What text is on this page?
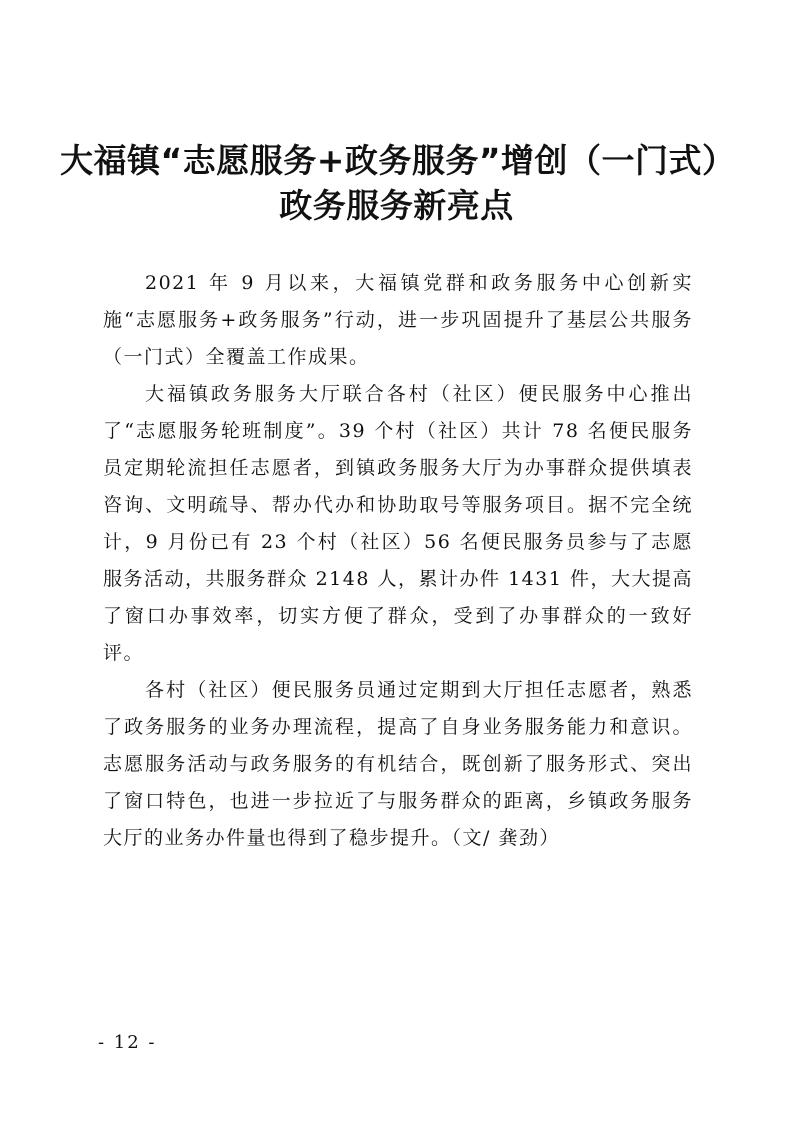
大福镇“志愿服务+政务服务”增创（一门式）
政务服务新亮点

2021 年 9 月以来，大福镇党群和政务服务中心创新实施“志愿服务+政务服务”行动，进一步巩固提升了基层公共服务（一门式）全覆盖工作成果。

大福镇政务服务大厅联合各村（社区）便民服务中心推出了“志愿服务轮班制度”。39 个村（社区）共计 78 名便民服务员定期轮流担任志愿者，到镇政务服务大厅为办事群众提供填表咨询、文明疏导、帮办代办和协助取号等服务项目。据不完全统计，9 月份已有 23 个村（社区）56 名便民服务员参与了志愿服务活动，共服务群众 2148 人，累计办件 1431 件，大大提高了窗口办事效率，切实方便了群众，受到了办事群众的一致好评。

各村（社区）便民服务员通过定期到大厅担任志愿者，熟悉了政务服务的业务办理流程，提高了自身业务服务能力和意识。志愿服务活动与政务服务的有机结合，既创新了服务形式、突出了窗口特色，也进一步拉近了与服务群众的距离，乡镇政务服务大厅的业务办件量也得到了稳步提升。（文/ 龚劲）

- 12 -
